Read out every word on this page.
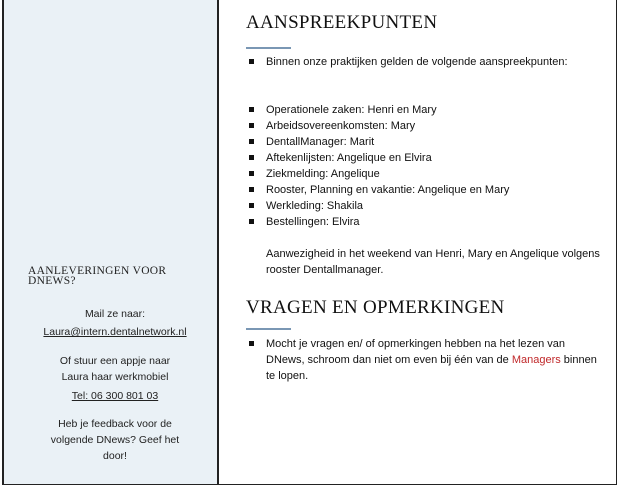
AANLEVERINGEN VOOR DNEWS?
Mail ze naar:
Laura@intern.dentalnetwork.nl
Of stuur een appje naar
Laura haar werkmobiel
Tel: 06 300 801 03
Heb je feedback voor de
volgende DNews? Geef het
door!
AANSPREEKPUNTEN
Binnen onze praktijken gelden de volgende aanspreekpunten:
Operationele zaken: Henri en Mary
Arbeidsovereenkomsten: Mary
DentallManager: Marit
Aftekenlijsten: Angelique en Elvira
Ziekmelding: Angelique
Rooster, Planning en vakantie: Angelique en Mary
Werkleding: Shakila
Bestellingen: Elvira
Aanwezigheid in het weekend van Henri, Mary en Angelique volgens rooster Dentallmanager.
VRAGEN EN OPMERKINGEN
Mocht je vragen en/ of opmerkingen hebben na het lezen van DNews, schroom dan niet om even bij één van de Managers binnen te lopen.
